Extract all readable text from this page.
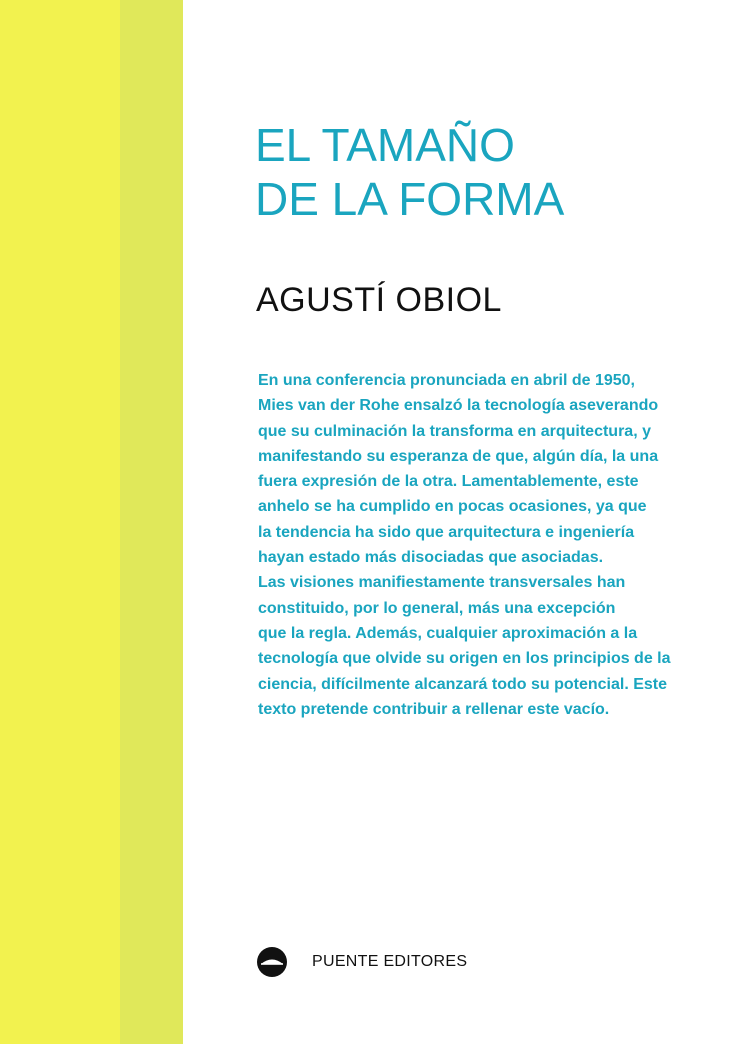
EL TAMAÑO
DE LA FORMA
AGUSTÍ OBIOL
En una conferencia pronunciada en abril de 1950,
Mies van der Rohe ensalzó la tecnología aseverando
que su culminación la transforma en arquitectura, y
manifestando su esperanza de que, algún día, la una
fuera expresión de la otra. Lamentablemente, este
anhelo se ha cumplido en pocas ocasiones, ya que
la tendencia ha sido que arquitectura e ingeniería
hayan estado más disociadas que asociadas.
Las visiones manifiestamente transversales han
constituido, por lo general, más una excepción
que la regla. Además, cualquier aproximación a la
tecnología que olvide su origen en los principios de la
ciencia, difícilmente alcanzará todo su potencial. Este
texto pretende contribuir a rellenar este vacío.
PUENTE EDITORES
